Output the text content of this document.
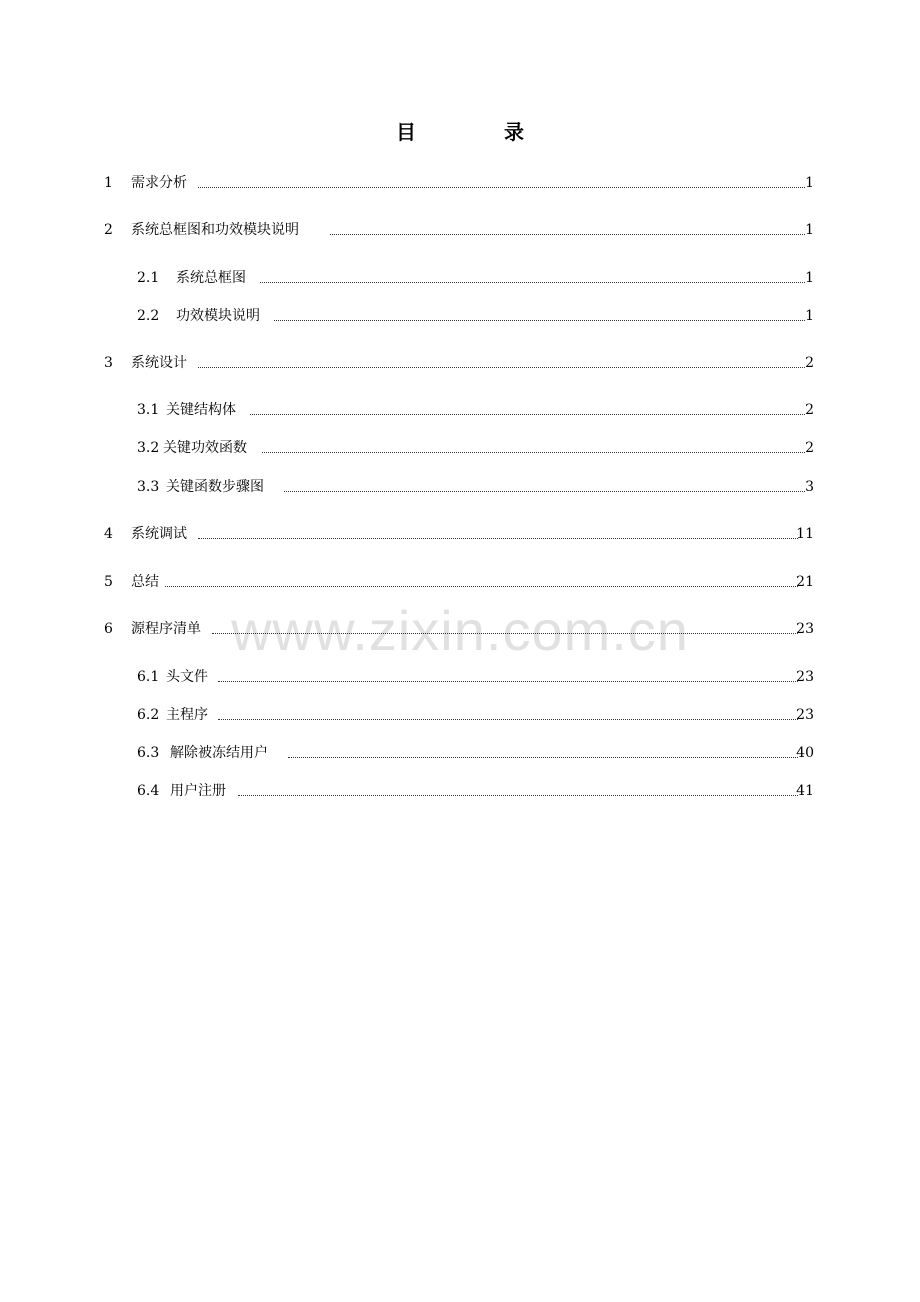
目	录
www.zixin.com.cn
1 需求分析	1
2 系统总框图和功效模块说明	1
2.1 系统总框图	1
2.2 功效模块说明	1
3 系统设计	2
3.1 关键结构体	2
3.2 关键功效函数	2
3.3 关键函数步骤图	3
4 系统调试	11
5 总结	21
6 源程序清单	23
6.1 头文件	23
6.2 主程序	23
6.3 解除被冻结用户	40
6.4 用户注册	41
